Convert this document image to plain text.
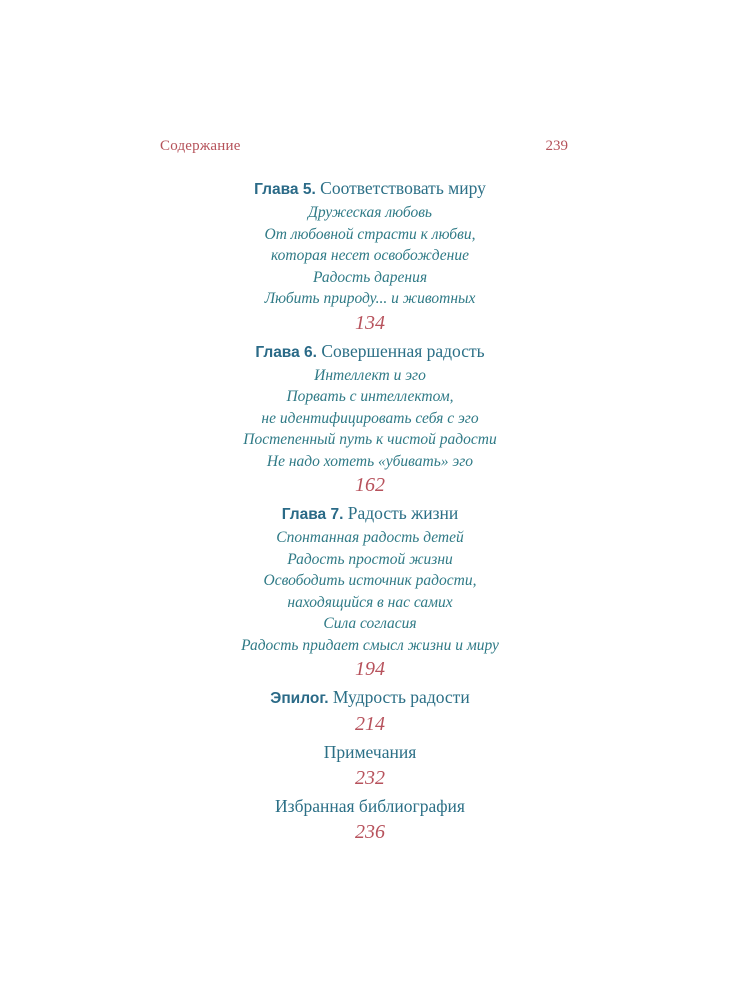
Содержание	239

Глава 5. Соответствовать миру

Дружеская любовь

От любовной страсти к любви,

которая несет освобождение

Радость дарения

Любить природу... и животных

134

Глава 6. Совершенная радость

Интеллект и эго

Порвать с интеллектом,

не идентифицировать себя с эго

Постепенный путь к чистой радости

Не надо хотеть «убивать» эго

162

Глава 7. Радость жизни

Спонтанная радость детей

Радость простой жизни

Освободить источник радости,

находящийся в нас самих

Сила согласия

Радость придает смысл жизни и миру

194

Эпилог. Мудрость радости

214

Примечания

232

Избранная библиография

236
